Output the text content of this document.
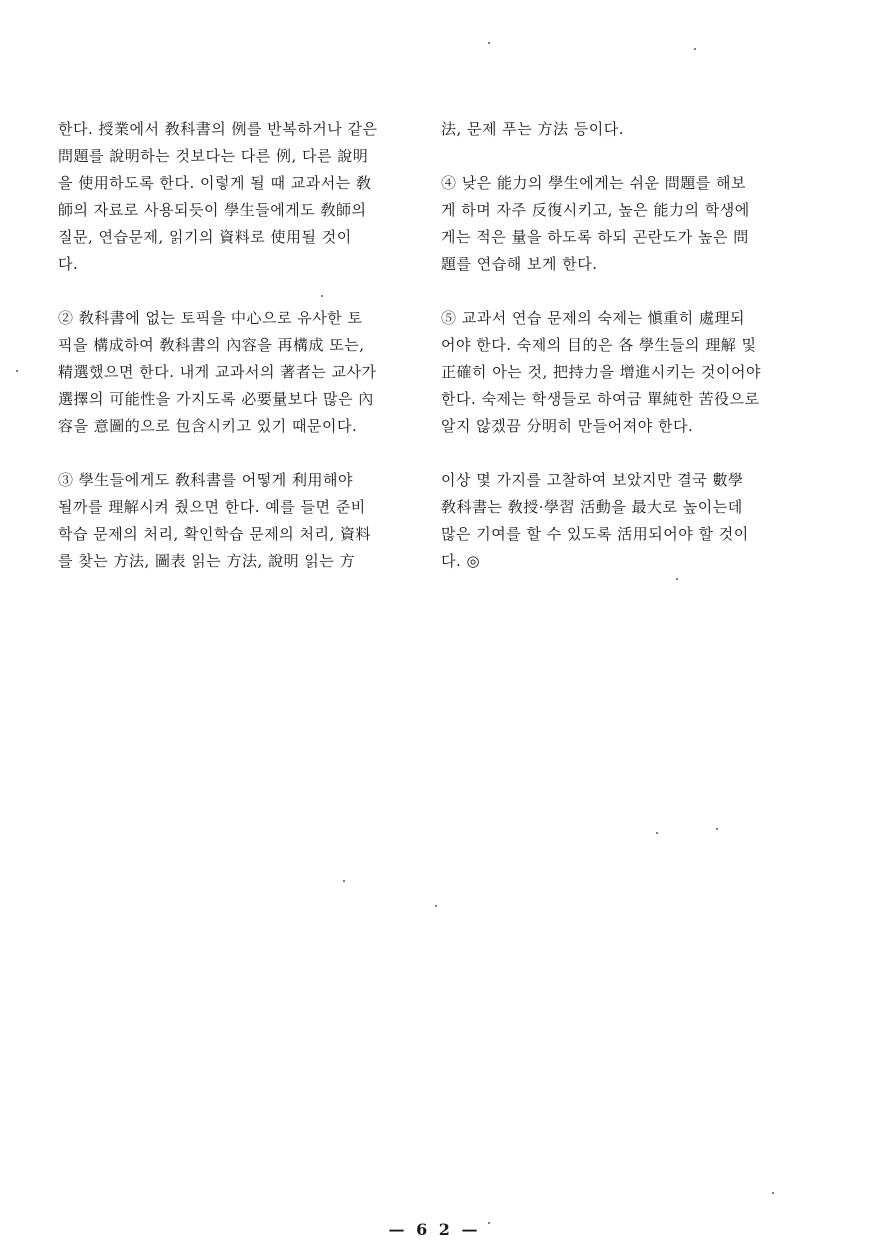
한다. 授業에서 敎科書의 例를 반복하거나 같은
問題를 說明하는 것보다는 다른 例, 다른 說明
을 使用하도록 한다. 이렇게 될 때 교과서는 敎
師의 자료로 사용되듯이 學生들에게도 敎師의
질문, 연습문제, 읽기의 資料로 使用될 것이
다.

② 敎科書에 없는 토픽을 中心으로 유사한 토
픽을 構成하여 敎科書의 內容을 再構成 또는,
精選했으면 한다. 내게 교과서의 著者는 교사가
選擇의 可能性을 가지도록 必要量보다 많은 內
容을 意圖的으로 包含시키고 있기 때문이다.

③ 學生들에게도 敎科書를 어떻게 利用해야
될까를 理解시켜 줬으면 한다. 예를 들면 준비
학습 문제의 처리, 확인학습 문제의 처리, 資料
를 찾는 方法, 圖表 읽는 方法, 說明 읽는 方

法, 문제 푸는 方法 등이다.

④ 낮은 能力의 學生에게는 쉬운 問題를 해보
게 하며 자주 反復시키고, 높은 能力의 학생에
게는 적은 量을 하도록 하되 곤란도가 높은 問
題를 연습해 보게 한다.

⑤ 교과서 연습 문제의 숙제는 愼重히 處理되
어야 한다. 숙제의 目的은 各 學生들의 理解 및
正確히 아는 것, 把持力을 增進시키는 것이어야
한다. 숙제는 학생들로 하여금 單純한 苦役으로
알지 않겠끔 分明히 만들어져야 한다.

이상 몇 가지를 고찰하여 보았지만 결국 數學
敎科書는 敎授·學習 活動을 最大로 높이는데
많은 기여를 할 수 있도록 活用되어야 할 것이
다. ◎

— 6 2 —
